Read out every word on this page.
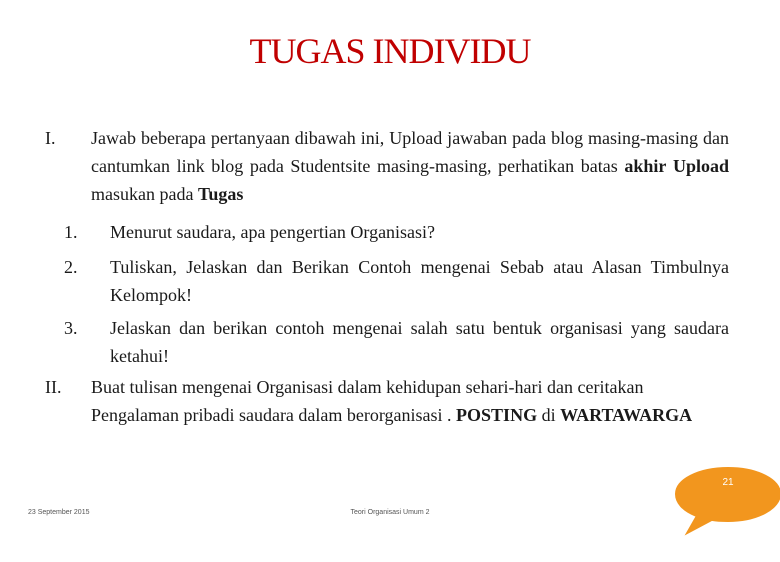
TUGAS INDIVIDU
I. Jawab beberapa pertanyaan dibawah ini, Upload jawaban pada blog masing-masing dan cantumkan link blog pada Studentsite masing-masing, perhatikan batas akhir Upload masukan pada Tugas
1. Menurut saudara, apa pengertian Organisasi?
2. Tuliskan, Jelaskan dan Berikan Contoh mengenai Sebab atau Alasan Timbulnya Kelompok!
3. Jelaskan dan berikan contoh mengenai salah satu bentuk organisasi yang saudara ketahui!
II. Buat tulisan mengenai Organisasi dalam kehidupan sehari-hari dan ceritakan
Pengalaman pribadi saudara dalam berorganisasi . POSTING di WARTAWARGA
23 September 2015	Teori Organisasi Umum 2
21
